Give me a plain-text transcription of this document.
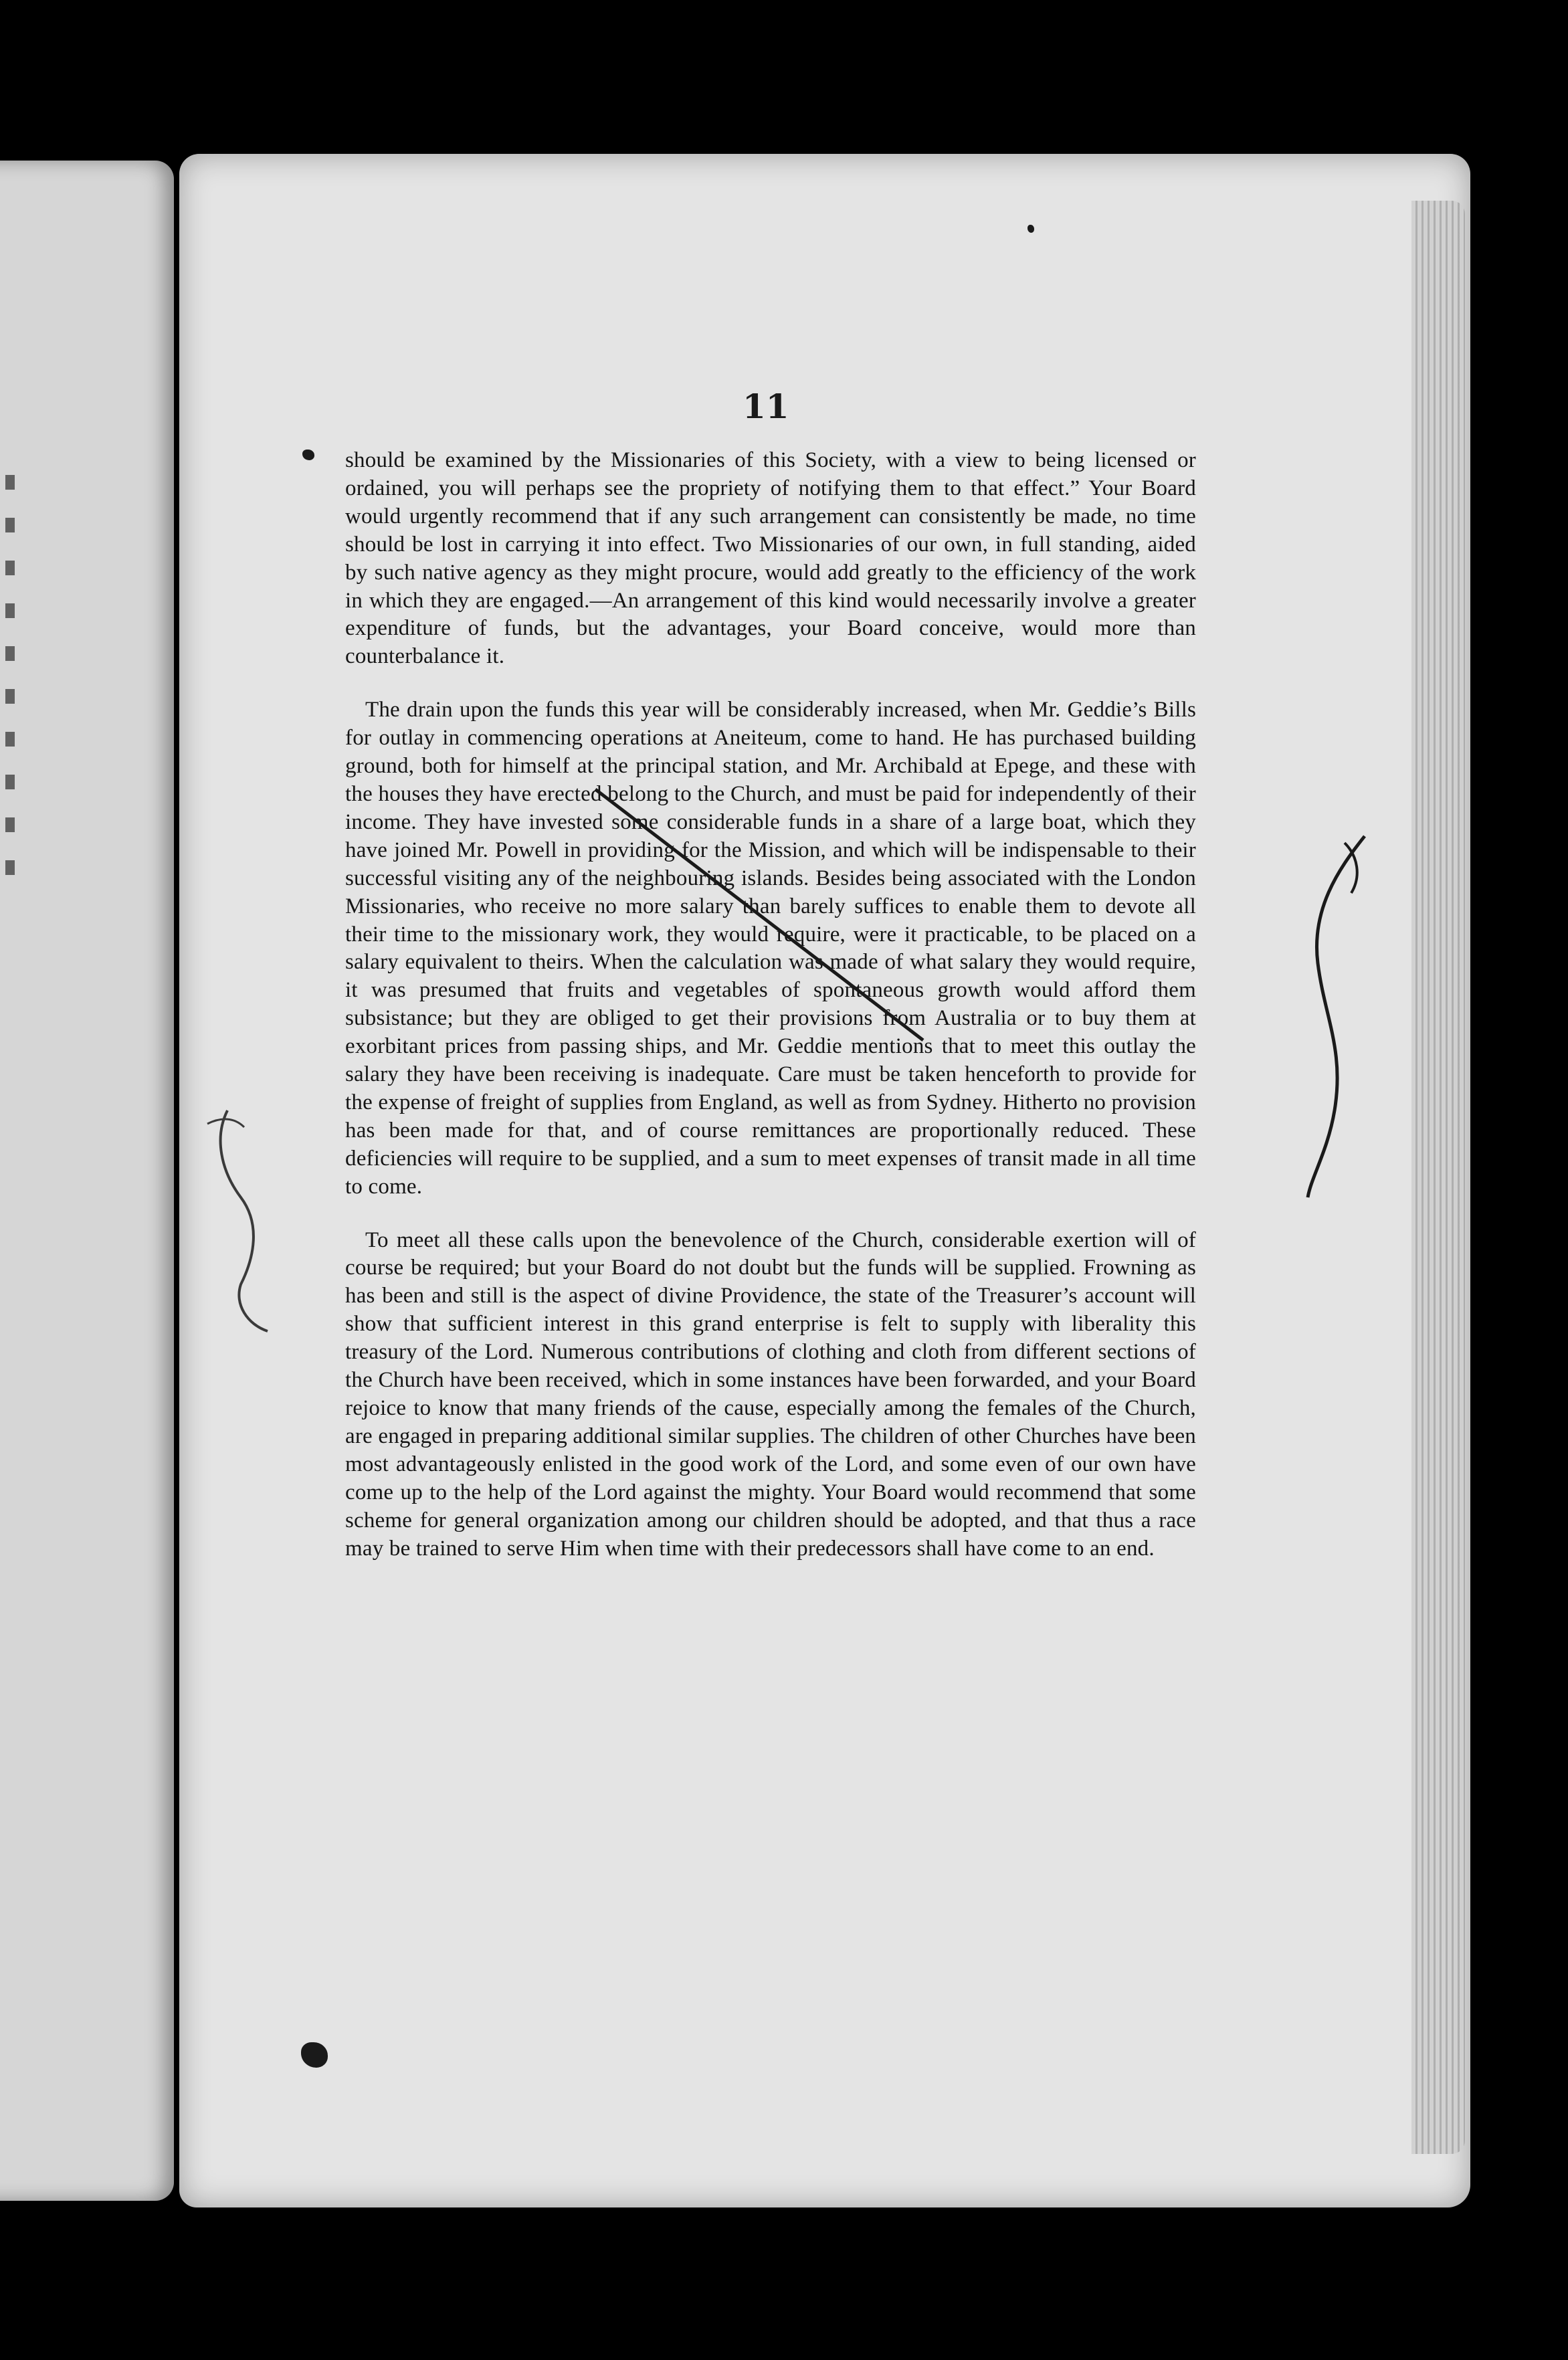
11

should be examined by the Missionaries of this Society, with a view to being licensed or ordained, you will perhaps see the propriety of notifying them to that effect.” Your Board would urgently recommend that if any such arrangement can consistently be made, no time should be lost in carrying it into effect. Two Missionaries of our own, in full standing, aided by such native agency as they might procure, would add greatly to the efficiency of the work in which they are engaged.—An arrangement of this kind would necessarily involve a greater expenditure of funds, but the advantages, your Board conceive, would more than counterbalance it.

The drain upon the funds this year will be considerably increased, when Mr. Geddie’s Bills for outlay in commencing operations at Aneiteum, come to hand. He has purchased building ground, both for himself at the principal station, and Mr. Archibald at Epege, and these with the houses they have erected belong to the Church, and must be paid for independently of their income. They have invested some considerable funds in a share of a large boat, which they have joined Mr. Powell in providing for the Mission, and which will be indispensable to their successful visiting any of the neighbouring islands. Besides being associated with the London Missionaries, who receive no more salary than barely suffices to enable them to devote all their time to the missionary work, they would require, were it practicable, to be placed on a salary equivalent to theirs. When the calculation was made of what salary they would require, it was presumed that fruits and vegetables of spontaneous growth would afford them subsistance; but they are obliged to get their provisions from Australia or to buy them at exorbitant prices from passing ships, and Mr. Geddie mentions that to meet this outlay the salary they have been receiving is inadequate. Care must be taken henceforth to provide for the expense of freight of supplies from England, as well as from Sydney. Hitherto no provision has been made for that, and of course remittances are proportionally reduced. These deficiencies will require to be supplied, and a sum to meet expenses of transit made in all time to come.

To meet all these calls upon the benevolence of the Church, considerable exertion will of course be required; but your Board do not doubt but the funds will be supplied. Frowning as has been and still is the aspect of divine Providence, the state of the Treasurer’s account will show that sufficient interest in this grand enterprise is felt to supply with liberality this treasury of the Lord. Numerous contributions of clothing and cloth from different sections of the Church have been received, which in some instances have been forwarded, and your Board rejoice to know that many friends of the cause, especially among the females of the Church, are engaged in preparing additional similar supplies. The children of other Churches have been most advantageously enlisted in the good work of the Lord, and some even of our own have come up to the help of the Lord against the mighty. Your Board would recommend that some scheme for general organization among our children should be adopted, and that thus a race may be trained to serve Him when time with their predecessors shall have come to an end.
